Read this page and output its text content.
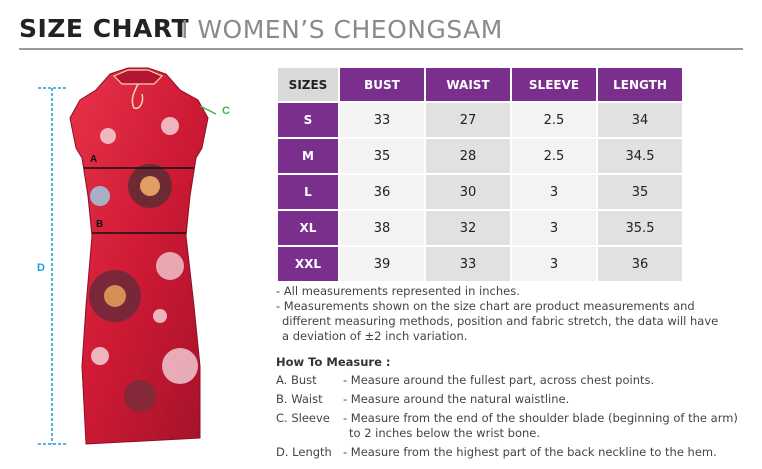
SIZE CHART
I WOMEN’S CHEONGSAM
D
A
B
C
SIZES	BUST	WAIST	SLEEVE	LENGTH
S	33	27	2.5	34
M	35	28	2.5	34.5
L	36	30	3	35
XL	38	32	3	35.5
XXL	39	33	3	36
- All measurements represented in inches.
- Measurements shown on the size chart are product measurements and
different measuring methods, position and fabric stretch, the data will have
a deviation of ±2 inch variation.
How To Measure :
A. Bust	- Measure around the fullest part, across chest points.
B. Waist	- Measure around the natural waistline.
C. Sleeve	- Measure from the end of the shoulder blade (beginning of the arm)
to 2 inches below the wrist bone.
D. Length - Measure from the highest part of the back neckline to the hem.
